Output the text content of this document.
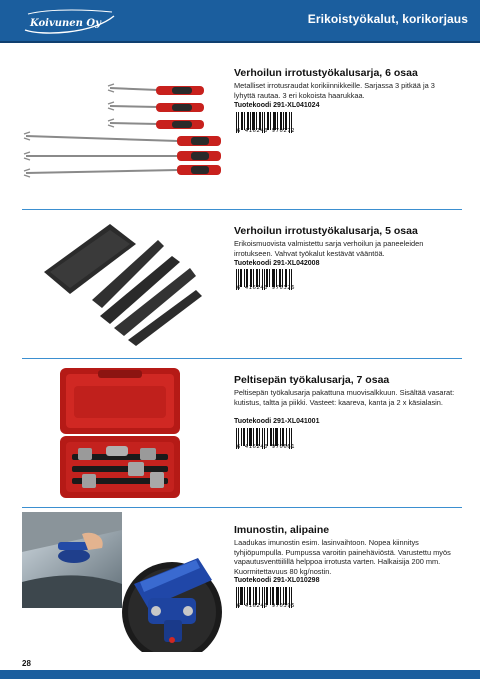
Koivunen Oy	Erikoistyökalut, korikorjaus
Verhoilun irrotustyökalusarja, 6 osaa
Metalliset irrotusraudat korikiinnikkeille. Sarjassa 3 pitkää ja 3 lyhyttä rautaa. 3 eri kokoista haarukkaa.
Tuotekoodi 291-XL041024
6 416240 970272
Verhoilun irrotustyökalusarja, 5 osaa
Erikoismuovista valmistettu sarja verhoilun ja paneeleiden irrotukseen. Vahvat työkalut kestävät vääntöä.
Tuotekoodi 291-XL042008
6 416240 970326
Peltisepän työkalusarja, 7 osaa
Peltisepän työkalusarja pakattuna muovisalkkuun. Sisältää vasarat: kutistus, taltta ja piikki. Vasteet: kaareva, kanta ja 2 x käsialasin.
Tuotekoodi 291-XL041001
6 416240 970661
Imunostin, alipaine
Laadukas imunostin esim. lasinvaihtoon. Nopea kiinnitys tyhjiöpumpulla. Pumpussa varoitin painehäviöstä. Varustettu myös vapautusventtiilillä helppoa irrotusta varten. Halkaisija 200 mm. Kuormitettavuus 80 kg/nostin.
Tuotekoodi 291-XL010298
6 416240 970395
28
